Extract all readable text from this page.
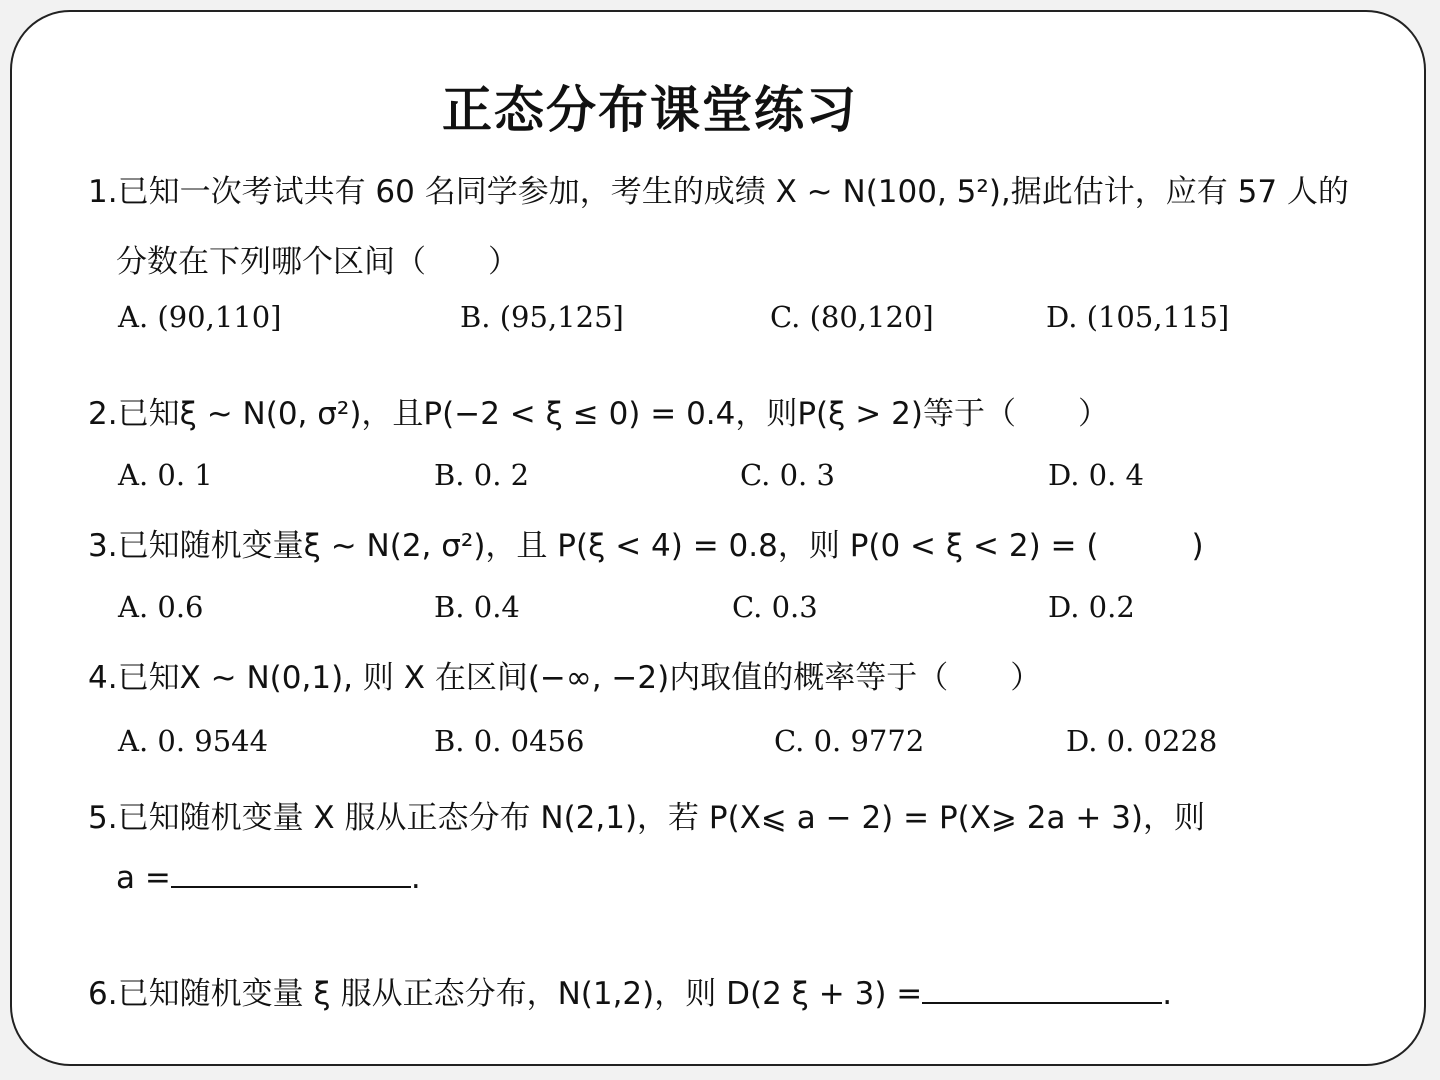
正态分布课堂练习
1.已知一次考试共有 60 名同学参加，考生的成绩 X ~ N(100, 5²),据此估计，应有 57 人的
分数在下列哪个区间（　　）
A. (90,110]	B. (95,125]	C. (80,120]	D. (105,115]
2.已知ξ ~ N(0, σ²)，且P(−2 < ξ ≤ 0) = 0.4，则P(ξ > 2)等于（　　）
A. 0. 1	B. 0. 2	C. 0. 3	D. 0. 4
3.已知随机变量ξ ~ N(2, σ²)，且 P(ξ < 4) = 0.8，则 P(0 < ξ < 2) = (　　　)
A. 0.6	B. 0.4	C. 0.3	D. 0.2
4.已知X ~ N(0,1), 则 X 在区间(−∞, −2)内取值的概率等于（　　）
A. 0. 9544	B. 0. 0456	C. 0. 9772	D. 0. 0228
5.已知随机变量 X 服从正态分布 N(2,1)，若 P(X⩽ a − 2) = P(X⩾ 2a + 3)，则
a =	.
6.已知随机变量 ξ 服从正态分布，N(1,2)，则 D(2 ξ + 3) =	.
